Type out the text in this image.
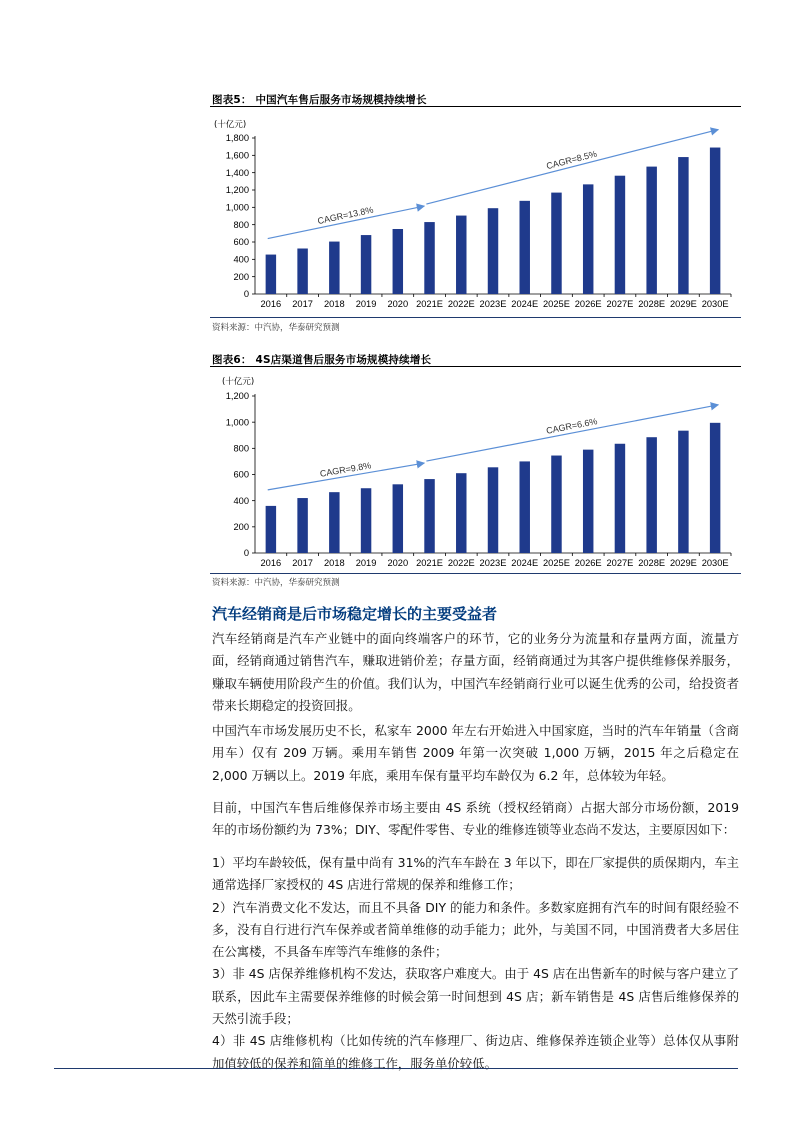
图表5： 中国汽车售后服务市场规模持续增长
(十亿元)
0
200
400
600
800
1,000
1,200
1,400
1,600
1,800
2016 2017 2018 2019 2020 2021E 2022E 2023E 2024E 2025E 2026E 2027E 2028E 2029E 2030E
CAGR=13.8%
CAGR=8.5%
资料来源：中汽协，华泰研究预测
图表6： 4S店渠道售后服务市场规模持续增长
(十亿元)
0
200
400
600
800
1,000
1,200
2016 2017 2018 2019 2020 2021E 2022E 2023E 2024E 2025E 2026E 2027E 2028E 2029E 2030E
CAGR=9.8%
CAGR=6.6%
资料来源：中汽协，华泰研究预测
汽车经销商是后市场稳定增长的主要受益者

汽车经销商是汽车产业链中的面向终端客户的环节，它的业务分为流量和存量两方面，流量方面，经销商通过销售汽车，赚取进销价差；存量方面，经销商通过为其客户提供维修保养服务，赚取车辆使用阶段产生的价值。我们认为，中国汽车经销商行业可以诞生优秀的公司，给投资者带来长期稳定的投资回报。

中国汽车市场发展历史不长，私家车 2000 年左右开始进入中国家庭，当时的汽车年销量（含商用车）仅有 209 万辆。乘用车销售 2009 年第一次突破 1,000 万辆，2015 年之后稳定在 2,000 万辆以上。2019 年底，乘用车保有量平均车龄仅为 6.2 年，总体较为年轻。

目前，中国汽车售后维修保养市场主要由 4S 系统（授权经销商）占据大部分市场份额，2019 年的市场份额约为 73%；DIY、零配件零售、专业的维修连锁等业态尚不发达，主要原因如下：

1）平均车龄较低，保有量中尚有 31%的汽车车龄在 3 年以下，即在厂家提供的质保期内，车主通常选择厂家授权的 4S 店进行常规的保养和维修工作；

2）汽车消费文化不发达，而且不具备 DIY 的能力和条件。多数家庭拥有汽车的时间有限经验不多，没有自行进行汽车保养或者简单维修的动手能力；此外，与美国不同，中国消费者大多居住在公寓楼，不具备车库等汽车维修的条件；

3）非 4S 店保养维修机构不发达，获取客户难度大。由于 4S 店在出售新车的时候与客户建立了联系，因此车主需要保养维修的时候会第一时间想到 4S 店；新车销售是 4S 店售后维修保养的天然引流手段；

4）非 4S 店维修机构（比如传统的汽车修理厂、街边店、维修保养连锁企业等）总体仅从事附加值较低的保养和简单的维修工作，服务单价较低。
